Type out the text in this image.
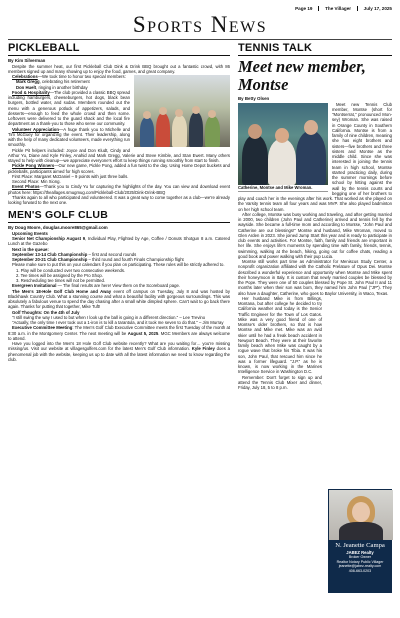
Page 19	The Villager	July 17, 2025
Sports News
PICKLEBALL
By Kim Silverman

Despite the summer heat, our first Pickleball Club Dink & Drink BBQ brought out a fantastic crowd, with 86 members signed up and many showing up to enjoy the food, games, and great company.

Celebrations—We took time to honor two special members:

Mark Gregg, celebrating his retirement

Don Huelt, ringing in another birthday

Food & Hospitality—The club provided a classic BBQ spread including hamburgers, cheeseburgers, hot dogs, black bean burgers, bottled water, and sodas. Members rounded out the menu with a generous potluck of appetizers, salads, and desserts—enough to feed the whole crowd and then some. Leftovers were delivered to the guard shack and the local fire department as a thank-you to those who serve our community.

Volunteer Appreciation—A huge thank you to Michelle and Tim McGuey for organizing the event. Their leadership, along with the help of many dedicated volunteers, made everything run smoothly.

Pickle Pit helpers included: Joyce and Don Kludt, Cindy and Arthur Yu, Diane and Kyle Finley, Anahid and Mark Gregg, Valerie and Steve Kimble, and Stan Ewert. Many others stayed to help with cleanup—we appreciate everyone's effort to keep things running smoothly from start to finish.

Pickle Pong Winners—Our new game, Pickle Pong, added a fun twist to the day. Using Home Depot buckets and pickleballs, participants aimed for high scores.

First Place: Margaret McDaniel – 9 points with just three balls.

Second Place: Min Xiong.

Event Photos—Thank you to Cindy Yu for capturing the highlights of the day. You can view and download event photos here: https://theallages.smugmug.com/Pickleball-Club/2025/Dink-Drink-BBQ

Thanks again to all who participated and volunteered. It was a great way to come together as a club—we're already looking forward to the next one.

MEN'S GOLF CLUB
By Doug Moore, douglas.moore865@gmail.com

Upcoming Events

Senior Net Championship August 9, Individual Play, Flighted by Age, Coffee / Donuts Shotgun 8 a.m. Catered Lunch at the Gazebo

Next in the queue:

September 13-14 Club Championship – first and second rounds

September 20-21 Club Championship – third round and fourth Finals Championship flight

Please make sure to put this on your calendars if you plan on participating. These rules will be strictly adhered to.

1. Play will be conducted over two consecutive weekends.

2. Tee times will be assigned by the Pro Shop.

3. Rescheduling tee times will not be permitted.

Evergreen Invitational — The final results are here! View them on the Scoreboard page.

The Men's 18-Hole Golf Club Home and Away event off campus on Tuesday, July 8 and was hosted by Blackhawk Country Club. What a stunning course and what a beautiful facility with gorgeous surroundings. This was absolutely a fabulous venue to spend the day chasing after a small white dimpled sphere. Can't wait to go back there again. Thanks for putting that together, Mike Tuft!

Golf Thoughts: On the 4th of July

"I still swing the way I used to but when I look up the ball is going in a different direction." – Lee Trevino

"Actually, the only time I ever took out a 1-iron is to kill a tarantula, and it took me seven to do that." – Jim Murray

Executive Committee Meeting: The Men's Golf Club Executive Committee meets the first Tuesday of the month at 8:30 a.m. in the Montgomery Center. The next meeting will be August 5, 2025. MGC Members are always welcome to attend.

Have you logged into the Men's 18 Hole Golf Club website recently? What are you waiting for… you're missing missing/us. Visit our website at villagesgolfers.com for the latest Men's Golf Club information. Kyle Finley does a phenomenal job with the website, keeping us up to date with all the latest information we need to know regarding the club.

TENNIS TALK
Meet new member, Montse
By Betty Olsen
Catherine, Montse and Mike Wroman.

Meet new Tennis Club member, Montse (short for "Montserrat," pronounced Mon-sey) Wroman. She was raised in Orange County in Southern California. Montse is from a family of nine children, meaning she has eight brothers and sisters—five brothers and three sisters and Montse as the middle child. Since she was interested in joining the tennis team in high school, Montse started practicing daily, during the summer mornings before school by hitting against the wall by the tennis courts and begging one of her brothers to play and coach her in the evenings after his work. That worked as she played on the Varsity tennis team all four years and was MVP. She also played badminton on her high school team.

After college, Montse was busy working and traveling, and after getting married in 2000, two children (John Paul and Catherine) arrived and tennis fell by the wayside. She became a full-time mom and according to Montse, "John Paul and Catherine are our blessings!" Montse and husband, Mike Wroman, moved to Glen Arden in 2023. She joined Jump Start this year and is ready to participate in club events and activities. For Montse, faith, family and friends are important in her life. She enjoys life's moments by spending time with family, friends, tennis, swimming, walking at the beach, hiking, going out for coffee chats, reading a good book and power walking with their pup Lucia.

Montse still works part time as Administrator for Meniscus Study Center, a nonprofit organization affiliated with the Catholic Prelature of Opus Dei. Montse described a wonderful experience and opportunity when Montse and Mike spent their honeymoon in Italy. It is custom that newly married couples be blessed by the Pope. They were one of 50 couples blessed by Pope St. John Paul II and 11 months later when their son was born, they named him John Paul ("JP"). They also have a daughter, Catherine, who goes to Baylor University, in Waco, Texas.

Her husband Mike is from Billings, Montana, but after college he decided to try California weather and today is the Senior Traffic Engineer for the Town of Los Gatos. Mike was a very good friend of one of Montse's older brothers, so that is how Montse and Mike met. Mike was an avid skier until he had a freak beach accident in Newport Beach. They were at their favorite family beach when Mike was caught by a rogue wave that broke his Tibia. It was his son, John Paul, that rescued him since he was a former lifeguard. "J.P." as he is known, is now working in the Marines Intelligence Service in Washington D.C.

Remember: Don't forget to sign up and attend the Tennis Club Mixer and dinner, Friday, July 18, 5 to 8 p.m.

N. Jeanette Campa
JABEZ Realty
Broker Owner
Realtor Notary Public Villager
jeanette@jabez-realty.com
408-663-0203
